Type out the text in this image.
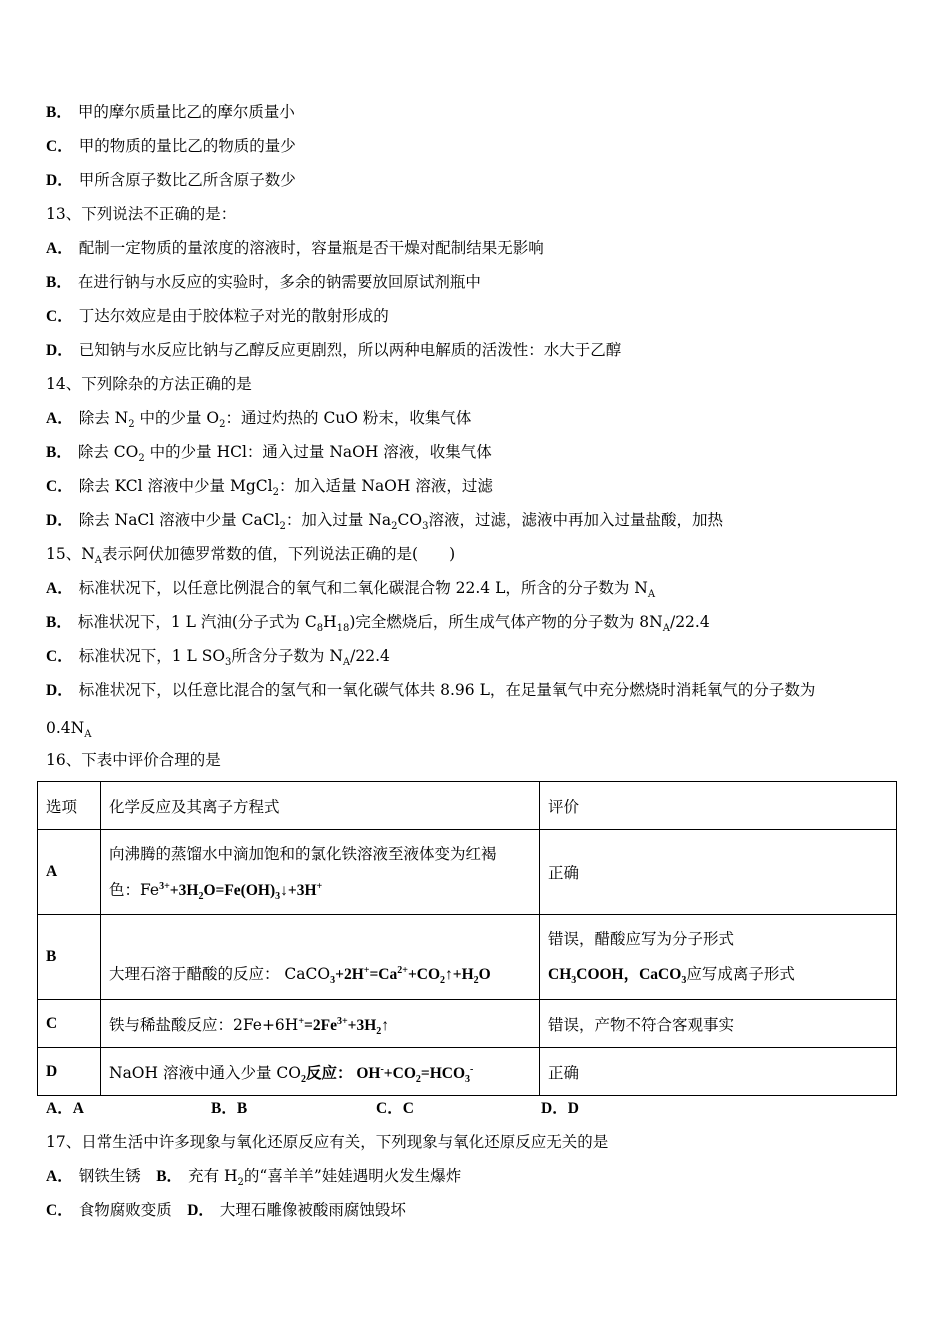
B． 甲的摩尔质量比乙的摩尔质量小
C． 甲的物质的量比乙的物质的量少
D． 甲所含原子数比乙所含原子数少
13、下列说法不正确的是：
A． 配制一定物质的量浓度的溶液时，容量瓶是否干燥对配制结果无影响
B． 在进行钠与水反应的实验时，多余的钠需要放回原试剂瓶中
C． 丁达尔效应是由于胶体粒子对光的散射形成的
D． 已知钠与水反应比钠与乙醇反应更剧烈，所以两种电解质的活泼性：水大于乙醇
14、下列除杂的方法正确的是
A． 除去 $N_2$ 中的少量 $O_2$：通过灼热的 CuO 粉末，收集气体
B． 除去 $CO_2$ 中的少量 HCl：通入过量 NaOH 溶液，收集气体
C． 除去 KCl 溶液中少量 MgCl$_2$：加入适量 NaOH 溶液，过滤
D． 除去 NaCl 溶液中少量 CaCl$_2$：加入过量 $Na_2CO_3$溶液，过滤，滤液中再加入过量盐酸，加热
15、$N_A$表示阿伏加德罗常数的值，下列说法正确的是(　　)
A． 标准状况下，以任意比例混合的氧气和二氧化碳混合物 22.4 L，所含的分子数为 $N_A$
B． 标准状况下，1 L 汽油(分子式为 $C_8H_{18}$)完全燃烧后，所生成气体产物的分子数为 $8N_A/22.4$
C． 标准状况下，1 L $SO_3$所含分子数为 $N_A/22.4$
D． 标准状况下，以任意比混合的氢气和一氧化碳气体共 8.96 L，在足量氧气中充分燃烧时消耗氧气的分子数为
$0.4N_A$
16、下表中评价合理的是
选项	化学反应及其离子方程式	评价
A	向沸腾的蒸馏水中滴加饱和的氯化铁溶液至液体变为红褐
色：$Fe^{3+}+3H_2O=Fe(OH)_3↓+3H^+$	正确
B	大理石溶于醋酸的反应： $CaCO_3+2H^+=Ca^{2+}+CO_2↑+H_2O$	错误，醋酸应写为分子形式
$CH_3COOH$，CaCO$_3$应写成离子形式

C	铁与稀盐酸反应：$2Fe+6H^+=2Fe^{3+}+3H_2↑$	错误，产物不符合客观事实
D	NaOH 溶液中通入少量 $CO_2$反应： $OH^-+CO_2=HCO_3^-$	正确
A．A	B．B	C．C	D．D
17、日常生活中许多现象与氧化还原反应有关，下列现象与氧化还原反应无关的是
A． 钢铁生锈　B． 充有 $H_2$的“喜羊羊”娃娃遇明火发生爆炸
C． 食物腐败变质　D． 大理石雕像被酸雨腐蚀毁坏
